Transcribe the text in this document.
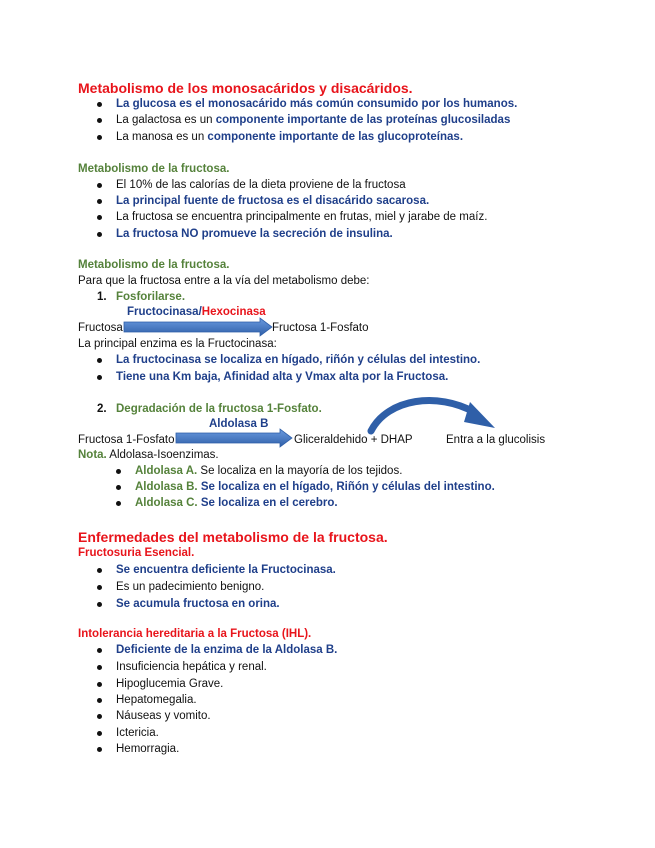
Metabolismo de los monosacáridos y disacáridos.
La glucosa es el monosacárido más común consumido por los humanos.
La galactosa es un componente importante de las proteínas glucosiladas
La manosa es un componente importante de las glucoproteínas.
Metabolismo de la fructosa.
El 10% de las calorías de la dieta proviene de la fructosa
La principal fuente de fructosa es el disacárido sacarosa.
La fructosa se encuentra principalmente en frutas, miel y jarabe de maíz.
La fructosa NO promueve la secreción de insulina.
Metabolismo de la fructosa.
Para que la fructosa entre a la vía del metabolismo debe:
1. Fosforilarse.
Fructocinasa/Hexocinasa
Fructosa	Fructosa 1-Fosfato
La principal enzima es la Fructocinasa:
La fructocinasa se localiza en hígado, riñón y células del intestino.
Tiene una Km baja, Afinidad alta y Vmax alta por la Fructosa.
2. Degradación de la fructosa 1-Fosfato.
Aldolasa B
Fructosa 1-Fosfato	Gliceraldehido + DHAP	Entra a la glucolisis
Nota. Aldolasa-Isoenzimas.
Aldolasa A. Se localiza en la mayoría de los tejidos.
Aldolasa B. Se localiza en el hígado, Riñón y células del intestino.
Aldolasa C. Se localiza en el cerebro.
Enfermedades del metabolismo de la fructosa.
Fructosuria Esencial.
Se encuentra deficiente la Fructocinasa.
Es un padecimiento benigno.
Se acumula fructosa en orina.
Intolerancia hereditaria a la Fructosa (IHL).
Deficiente de la enzima de la Aldolasa B.
Insuficiencia hepática y renal.
Hipoglucemia Grave.
Hepatomegalia.
Náuseas y vomito.
Ictericia.
Hemorragia.
